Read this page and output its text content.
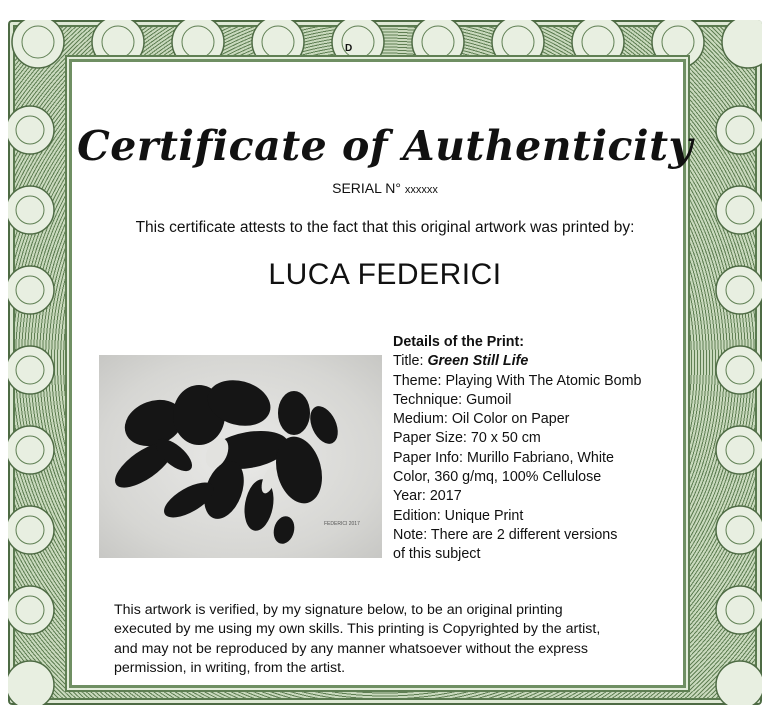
D
Certificate of Authenticity
SERIAL N° xxxxxx
This certificate attests to the fact that this original artwork was printed by:
LUCA FEDERICI
FEDERICI 2017
Details of the Print:
Title: Green Still Life
Theme: Playing With The Atomic Bomb
Technique: Gumoil
Medium: Oil Color on Paper
Paper Size: 70 x 50 cm
Paper Info: Murillo Fabriano, White
Color, 360 g/mq, 100% Cellulose
Year: 2017
Edition: Unique Print
Note: There are 2 different versions
of this subject
This artwork is verified, by my signature below, to be an original printing
executed by me using my own skills. This printing is Copyrighted by the artist,
and may not be reproduced by any manner whatsoever without the express
permission, in writing, from the artist.
